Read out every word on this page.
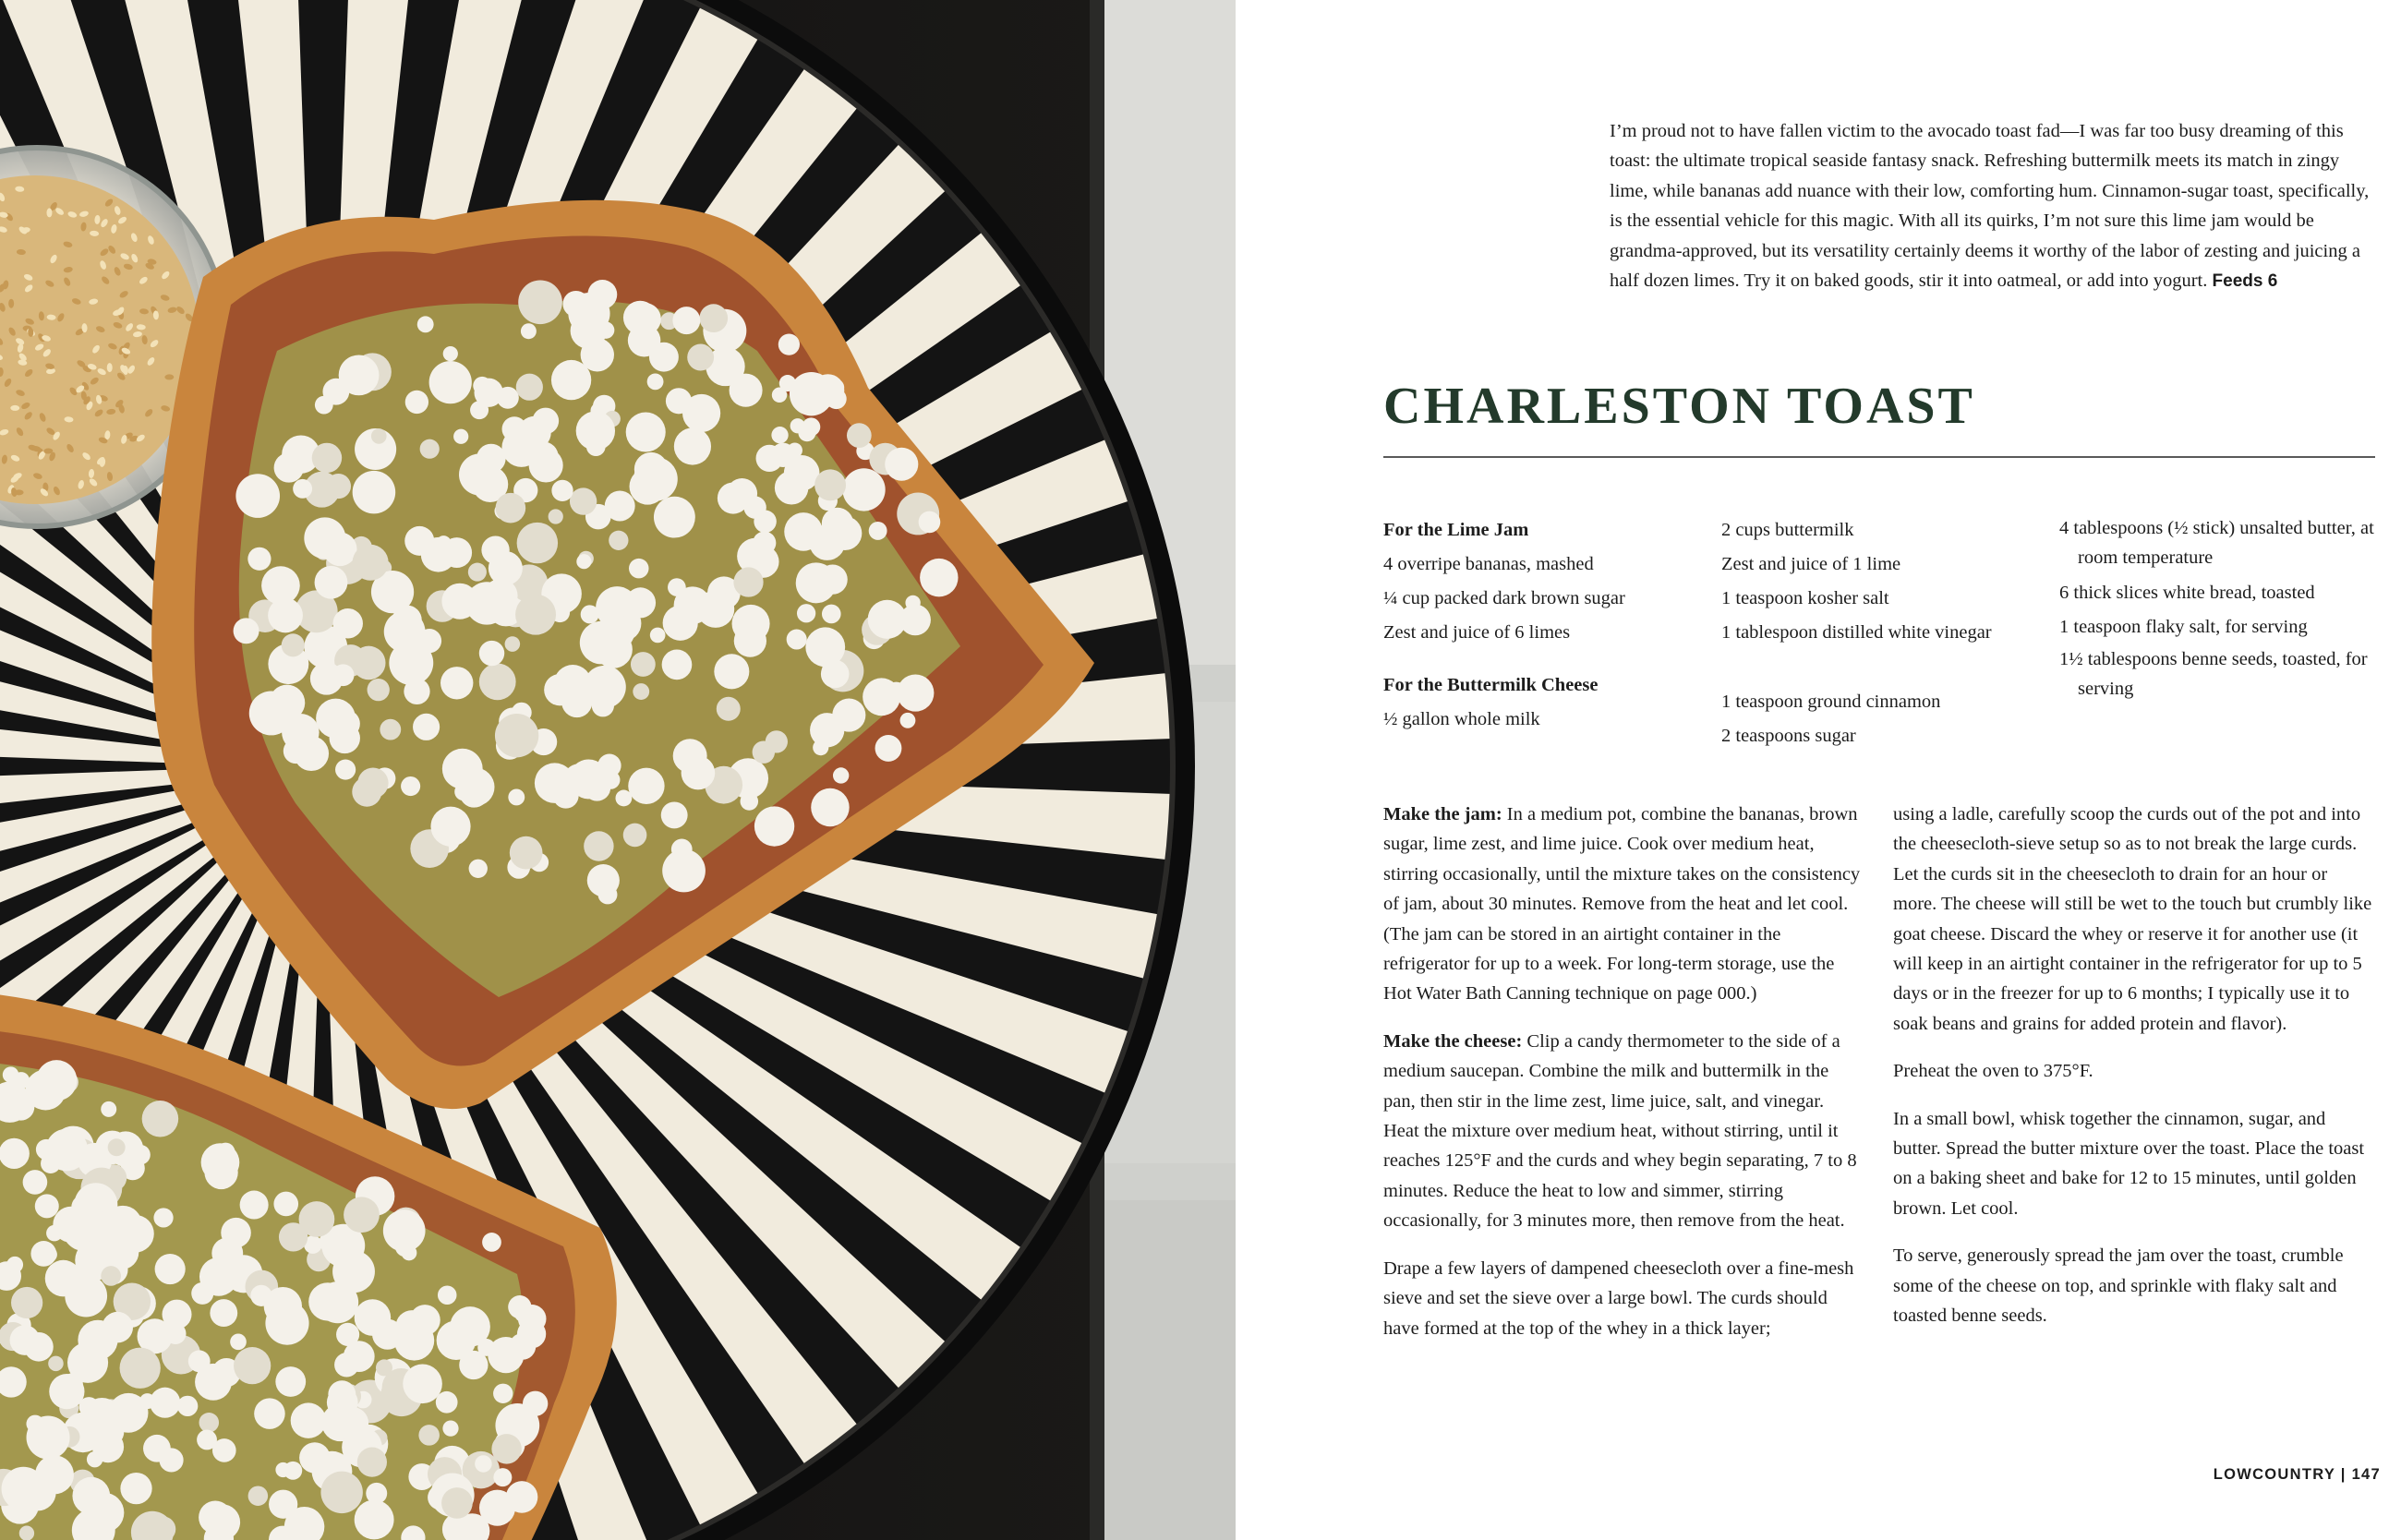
I’m proud not to have fallen victim to the avocado toast fad—I was far too busy dreaming of this toast: the ultimate tropical seaside fantasy snack. Refreshing buttermilk meets its match in zingy lime, while bananas add nuance with their low, comforting hum. Cinnamon-sugar toast, specifically, is the essential vehicle for this magic. With all its quirks, I’m not sure this lime jam would be grandma-approved, but its versatility certainly deems it worthy of the labor of zesting and juicing a half dozen limes. Try it on baked goods, stir it into oatmeal, or add into yogurt. Feeds 6

CHARLESTON TOAST

For the Lime Jam

4 overripe bananas, mashed

¼ cup packed dark brown sugar

Zest and juice of 6 limes

For the Buttermilk Cheese

½ gallon whole milk

2 cups buttermilk

Zest and juice of 1 lime

1 teaspoon kosher salt

1 tablespoon distilled white vinegar

1 teaspoon ground cinnamon

2 teaspoons sugar

4 tablespoons (½ stick) unsalted butter, at room temperature

6 thick slices white bread, toasted

1 teaspoon flaky salt, for serving

1½ tablespoons benne seeds, toasted, for serving

Make the jam: In a medium pot, combine the bananas, brown sugar, lime zest, and lime juice. Cook over medium heat, stirring occasionally, until the mixture takes on the consistency of jam, about 30 minutes. Remove from the heat and let cool. (The jam can be stored in an airtight container in the refrigerator for up to a week. For long-term storage, use the Hot Water Bath Canning technique on page 000.)

Make the cheese: Clip a candy thermometer to the side of a medium saucepan. Combine the milk and buttermilk in the pan, then stir in the lime zest, lime juice, salt, and vinegar. Heat the mixture over medium heat, without stirring, until it reaches 125°F and the curds and whey begin separating, 7 to 8 minutes. Reduce the heat to low and simmer, stirring occasionally, for 3 minutes more, then remove from the heat.

Drape a few layers of dampened cheesecloth over a fine-mesh sieve and set the sieve over a large bowl. The curds should have formed at the top of the whey in a thick layer;

using a ladle, carefully scoop the curds out of the pot and into the cheesecloth-sieve setup so as to not break the large curds. Let the curds sit in the cheesecloth to drain for an hour or more. The cheese will still be wet to the touch but crumbly like goat cheese. Discard the whey or reserve it for another use (it will keep in an airtight container in the refrigerator for up to 5 days or in the freezer for up to 6 months; I typically use it to soak beans and grains for added protein and flavor).

Preheat the oven to 375°F.

In a small bowl, whisk together the cinnamon, sugar, and butter. Spread the butter mixture over the toast. Place the toast on a baking sheet and bake for 12 to 15 minutes, until golden brown. Let cool.

To serve, generously spread the jam over the toast, crumble some of the cheese on top, and sprinkle with flaky salt and toasted benne seeds.

LOWCOUNTRY | 147
